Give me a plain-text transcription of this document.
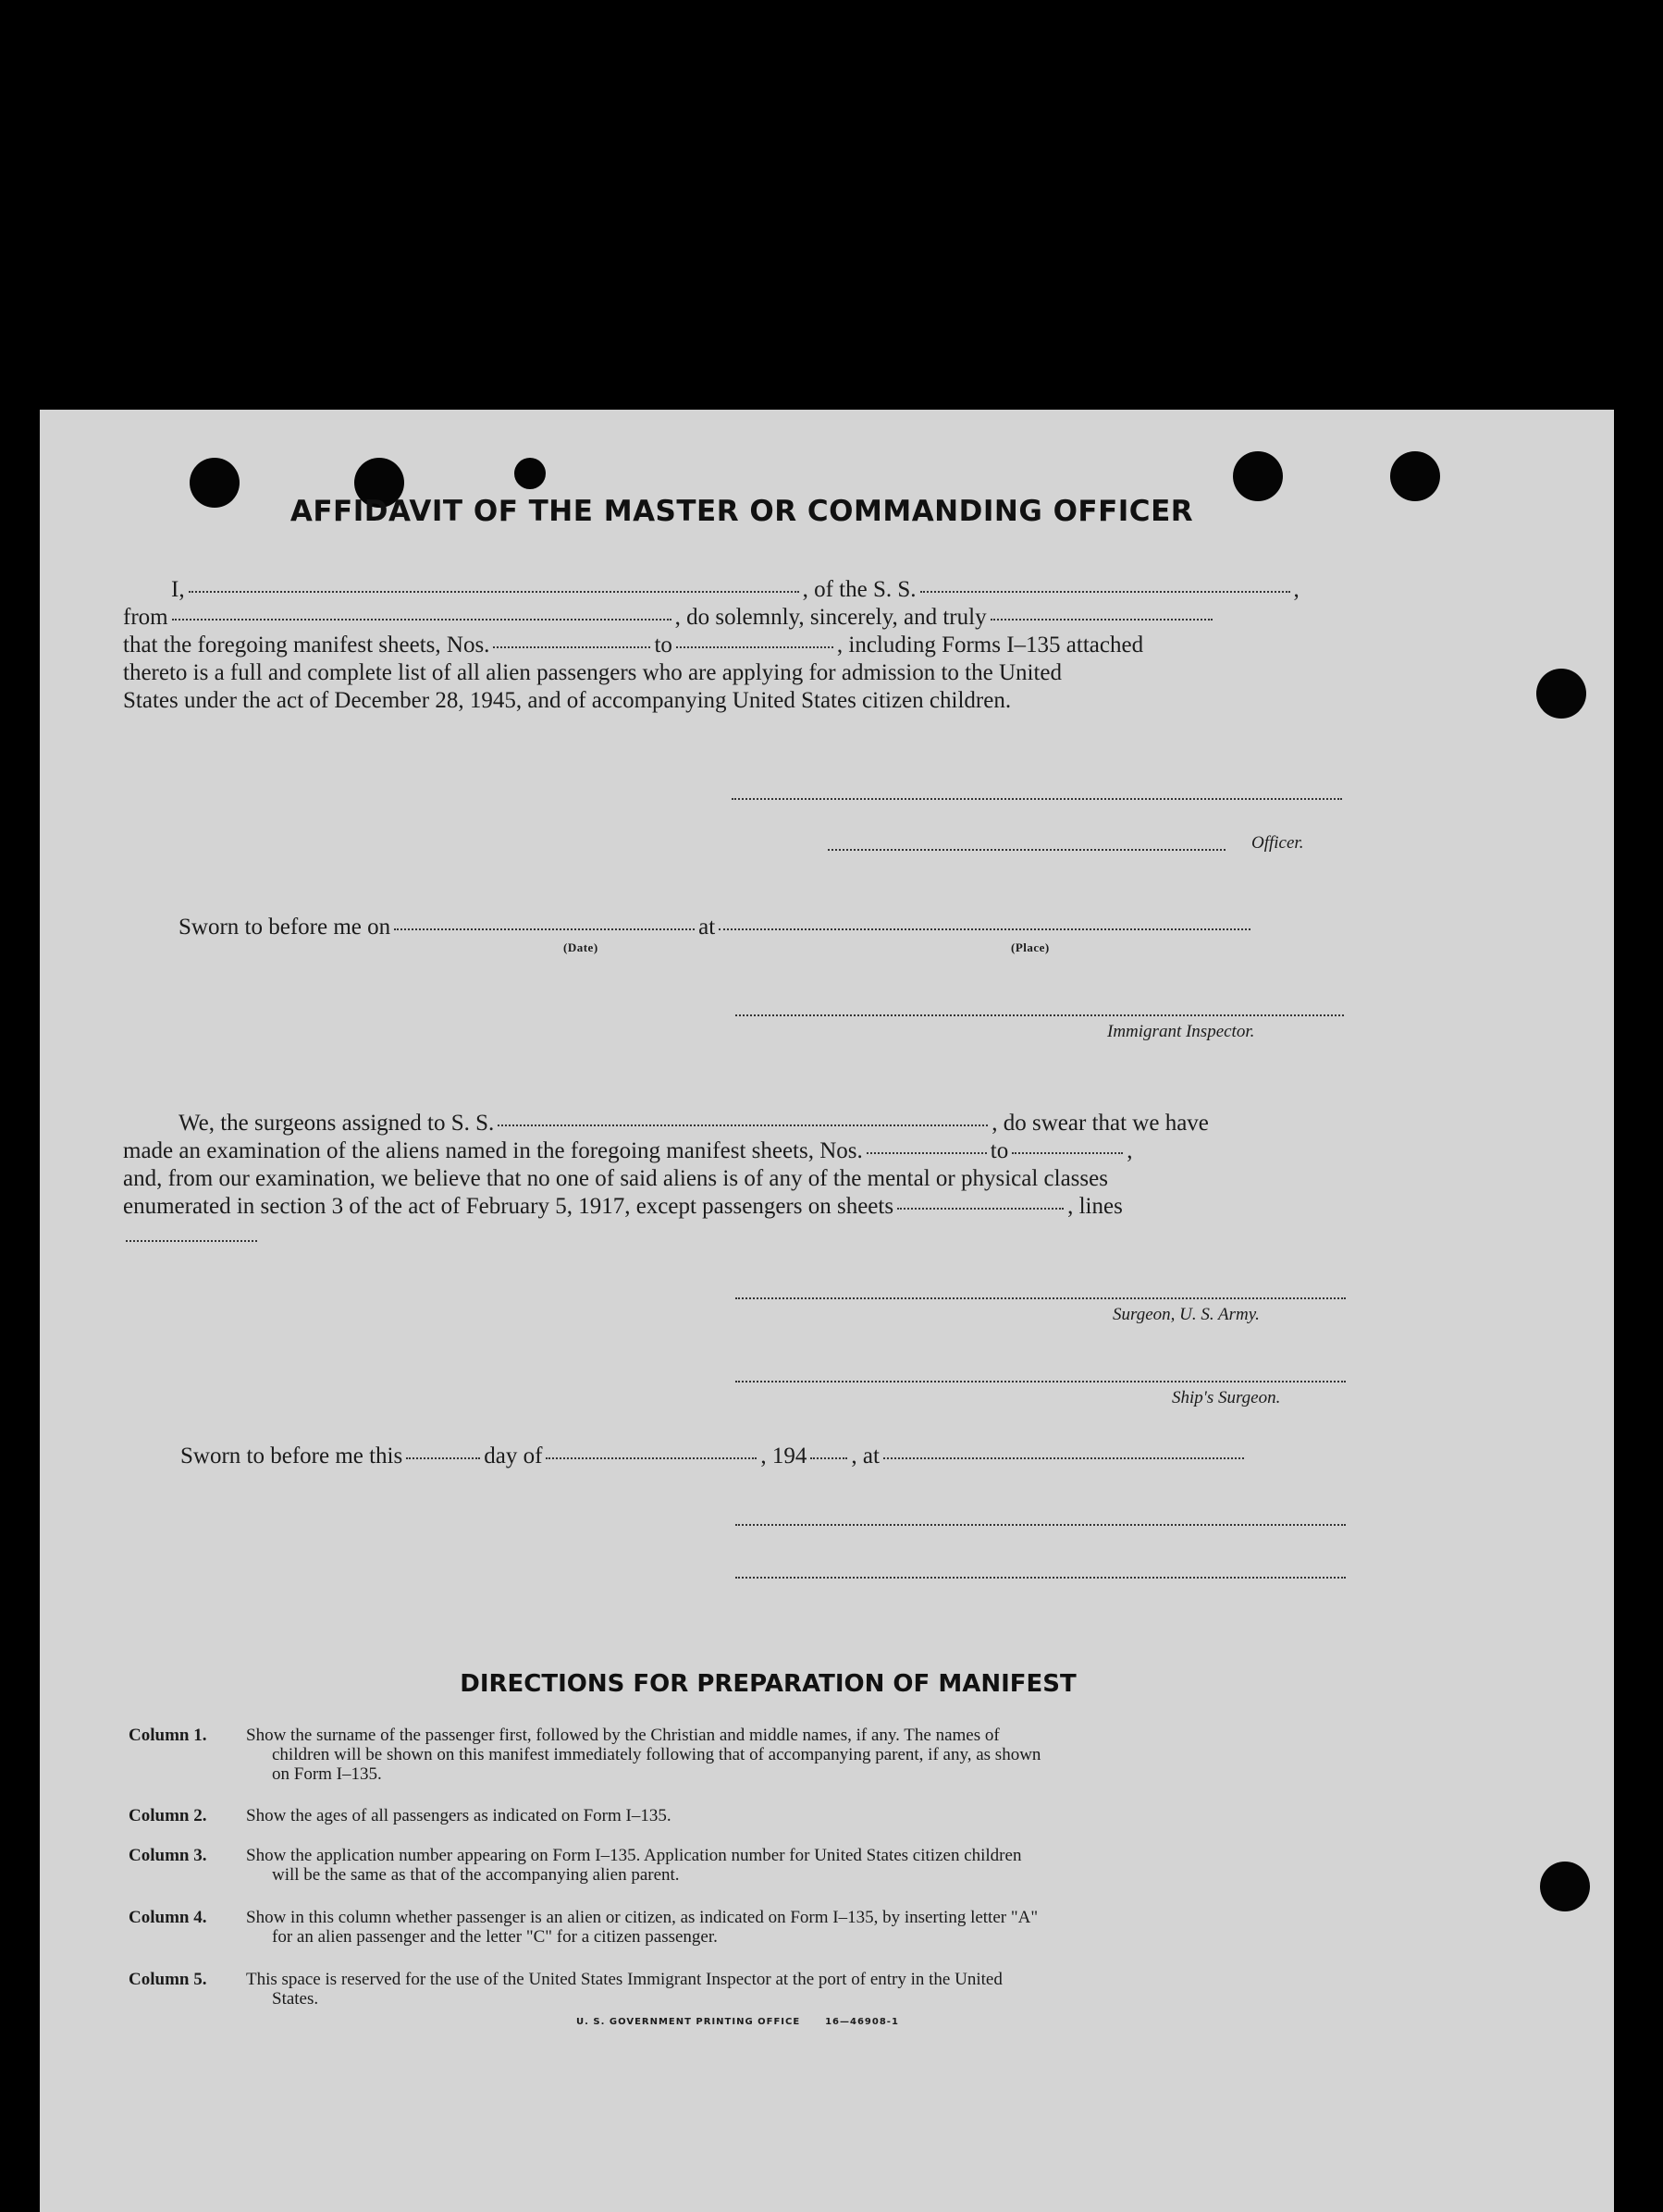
AFFIDAVIT OF THE MASTER OR COMMANDING OFFICER
I,	, of the S. S.	,
from	, do solemnly, sincerely, and truly
that the foregoing manifest sheets, Nos.	to	, including Forms I–135 attached
thereto is a full and complete list of all alien passengers who are applying for admission to the United
States under the act of December 28, 1945, and of accompanying United States citizen children.
Officer.
Sworn to before me on	at
(Date)	(Place)
Immigrant Inspector.
We, the surgeons assigned to S. S.	, do swear that we have
made an examination of the aliens named in the foregoing manifest sheets, Nos.	to	,
and, from our examination, we believe that no one of said aliens is of any of the mental or physical classes
enumerated in section 3 of the act of February 5, 1917, except passengers on sheets	, lines
Surgeon, U. S. Army.
Ship's Surgeon.
Sworn to before me this	day of	, 194 , at
DIRECTIONS FOR PREPARATION OF MANIFEST
Column 1. Show the surname of the passenger first, followed by the Christian and middle names, if any. The names of
children will be shown on this manifest immediately following that of accompanying parent, if any, as shown
on Form I–135.
Column 2. Show the ages of all passengers as indicated on Form I–135.
Column 3. Show the application number appearing on Form I–135. Application number for United States citizen children
will be the same as that of the accompanying alien parent.
Column 4. Show in this column whether passenger is an alien or citizen, as indicated on Form I–135, by inserting letter "A"
for an alien passenger and the letter "C" for a citizen passenger.
Column 5. This space is reserved for the use of the United States Immigrant Inspector at the port of entry in the United
States.
U. S. GOVERNMENT PRINTING OFFICE	16—46908-1
